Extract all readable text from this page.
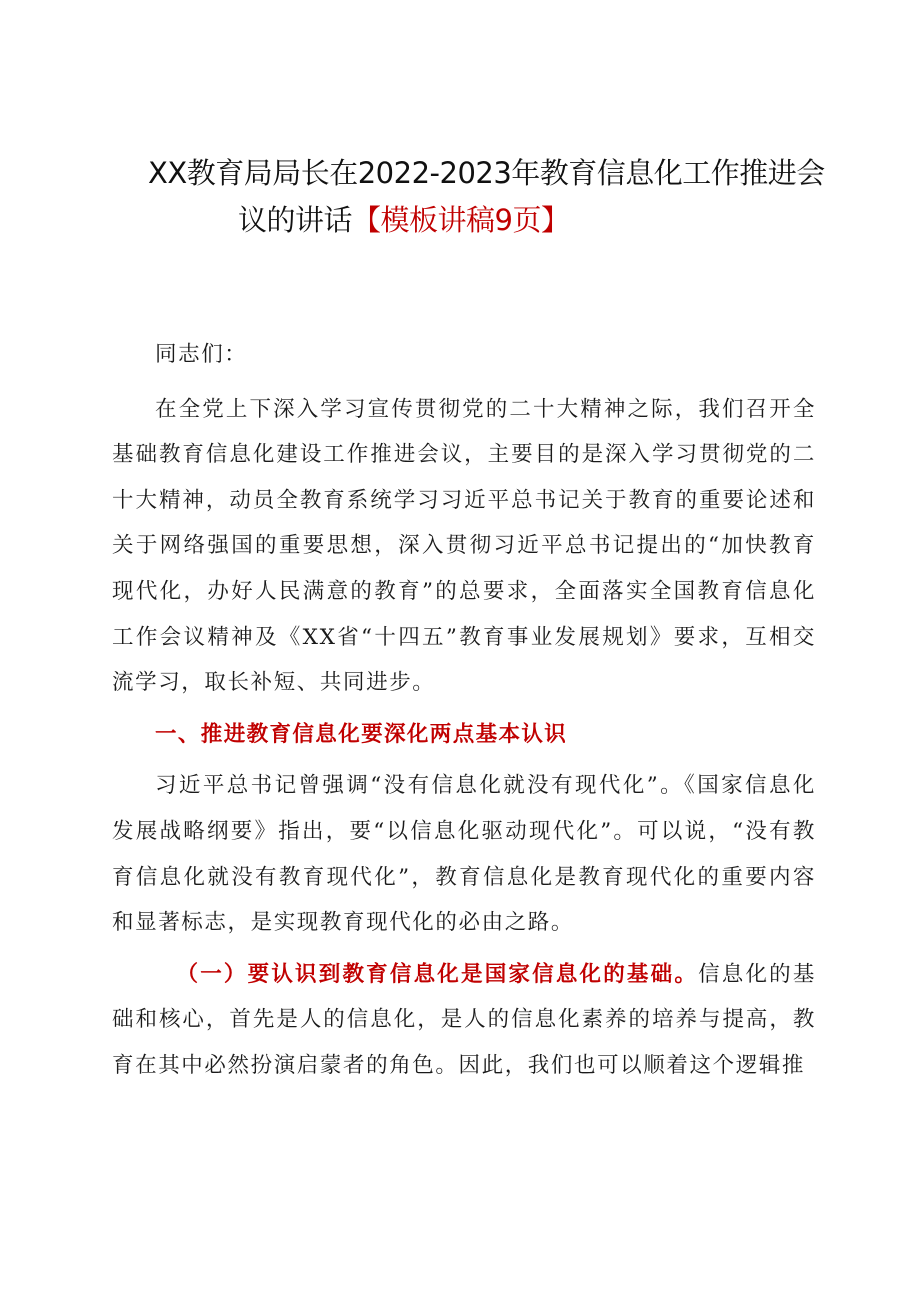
XX教育局局长在2022-2023年教育信息化工作推进会
议的讲话【模板讲稿9页】

同志们：

在全党上下深入学习宣传贯彻党的二十大精神之际，我们召开全基础教育信息化建设工作推进会议，主要目的是深入学习贯彻党的二十大精神，动员全教育系统学习习近平总书记关于教育的重要论述和关于网络强国的重要思想，深入贯彻习近平总书记提出的“加快教育现代化，办好人民满意的教育”的总要求，全面落实全国教育信息化工作会议精神及《XX省“十四五”教育事业发展规划》要求，互相交流学习，取长补短、共同进步。

一、推进教育信息化要深化两点基本认识

习近平总书记曾强调“没有信息化就没有现代化”。《国家信息化发展战略纲要》指出，要“以信息化驱动现代化”。可以说，“没有教育信息化就没有教育现代化”，教育信息化是教育现代化的重要内容和显著标志，是实现教育现代化的必由之路。

（一）要认识到教育信息化是国家信息化的基础。信息化的基础和核心，首先是人的信息化，是人的信息化素养的培养与提高，教育在其中必然扮演启蒙者的角色。因此，我们也可以顺着这个逻辑推
